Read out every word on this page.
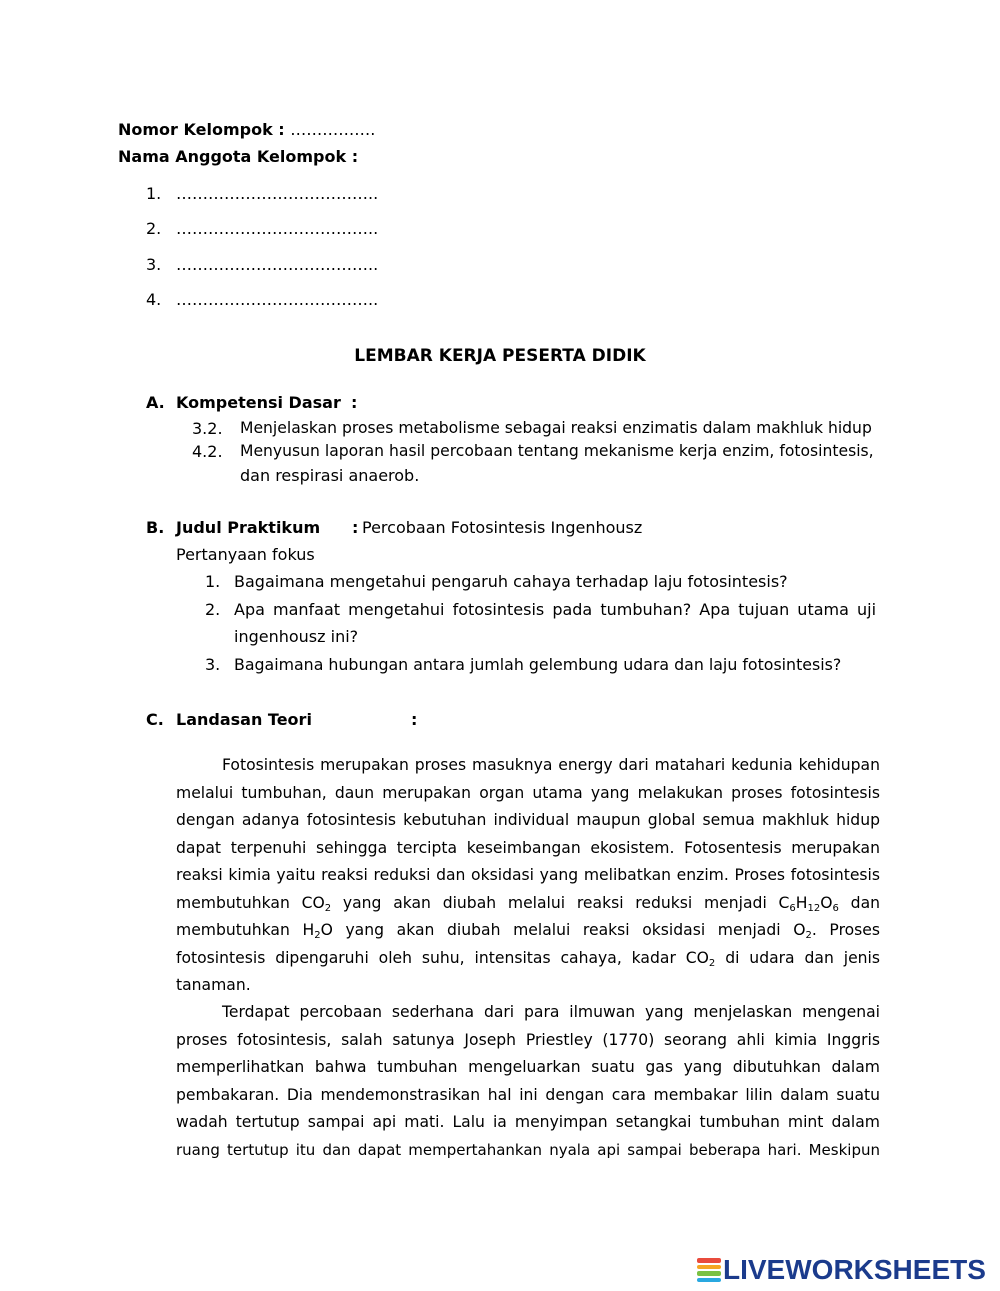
Nomor Kelompok : …………….
Nama Anggota Kelompok :
1. ………………………………..
2. ………………………………..
3. ………………………………..
4. ………………………………..
LEMBAR KERJA PESERTA DIDIK
A. Kompetensi Dasar :
3.2. Menjelaskan proses metabolisme sebagai reaksi enzimatis dalam makhluk hidup
4.2. Menyusun laporan hasil percobaan tentang mekanisme kerja enzim, fotosintesis,
dan respirasi anaerob.
B. Judul Praktikum : Percobaan Fotosintesis Ingenhousz
Pertanyaan fokus
1. Bagaimana mengetahui pengaruh cahaya terhadap laju fotosintesis?
2. Apa manfaat mengetahui fotosintesis pada tumbuhan? Apa tujuan utama uji
ingenhousz ini?
3. Bagaimana hubungan antara jumlah gelembung udara dan laju fotosintesis?
C. Landasan Teori	:
Fotosintesis merupakan proses masuknya energy dari matahari kedunia kehidupan
melalui tumbuhan, daun merupakan organ utama yang melakukan proses fotosintesis
dengan adanya fotosintesis kebutuhan individual maupun global semua makhluk hidup
dapat terpenuhi sehingga tercipta keseimbangan ekosistem. Fotosentesis merupakan
reaksi kimia yaitu reaksi reduksi dan oksidasi yang melibatkan enzim. Proses fotosintesis
membutuhkan $CO_2$ yang akan diubah melalui reaksi reduksi menjadi $C_6H_{12}O_6$ dan
membutuhkan $H_2O$ yang akan diubah melalui reaksi oksidasi menjadi $O_2$. Proses
fotosintesis dipengaruhi oleh suhu, intensitas cahaya, kadar $CO_2$ di udara dan jenis
tanaman.
Terdapat percobaan sederhana dari para ilmuwan yang menjelaskan mengenai
proses fotosintesis, salah satunya Joseph Priestley (1770) seorang ahli kimia Inggris
memperlihatkan bahwa tumbuhan mengeluarkan suatu gas yang dibutuhkan dalam
pembakaran. Dia mendemonstrasikan hal ini dengan cara membakar lilin dalam suatu
wadah tertutup sampai api mati. Lalu ia menyimpan setangkai tumbuhan mint dalam
ruang tertutup itu dan dapat mempertahankan nyala api sampai beberapa hari. Meskipun
LIVEWORKSHEETS
